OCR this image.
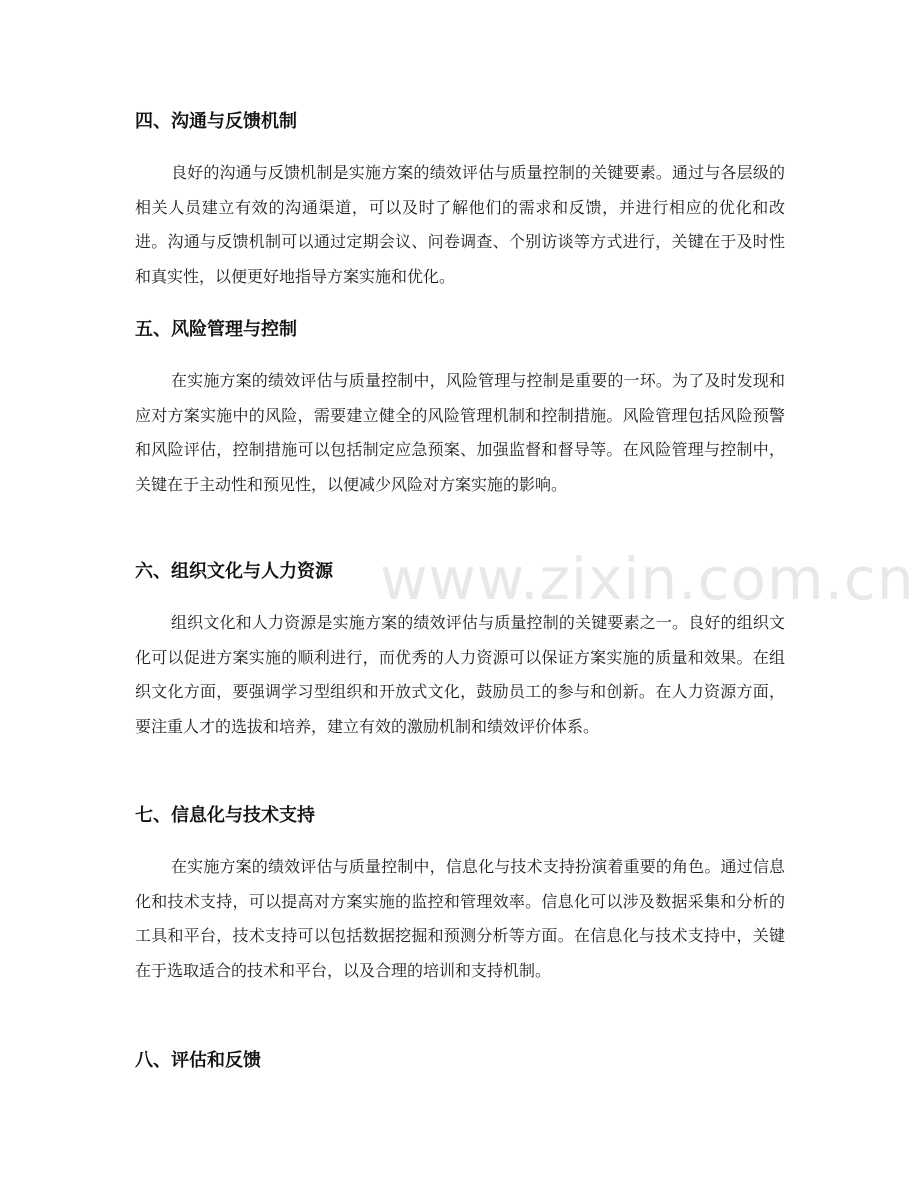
四、沟通与反馈机制

良好的沟通与反馈机制是实施方案的绩效评估与质量控制的关键要素。通过与各层级的相关人员建立有效的沟通渠道，可以及时了解他们的需求和反馈，并进行相应的优化和改进。沟通与反馈机制可以通过定期会议、问卷调查、个别访谈等方式进行，关键在于及时性和真实性，以便更好地指导方案实施和优化。

五、风险管理与控制

在实施方案的绩效评估与质量控制中，风险管理与控制是重要的一环。为了及时发现和应对方案实施中的风险，需要建立健全的风险管理机制和控制措施。风险管理包括风险预警和风险评估，控制措施可以包括制定应急预案、加强监督和督导等。在风险管理与控制中，关键在于主动性和预见性，以便减少风险对方案实施的影响。

六、组织文化与人力资源

组织文化和人力资源是实施方案的绩效评估与质量控制的关键要素之一。良好的组织文化可以促进方案实施的顺利进行，而优秀的人力资源可以保证方案实施的质量和效果。在组织文化方面，要强调学习型组织和开放式文化，鼓励员工的参与和创新。在人力资源方面，要注重人才的选拔和培养，建立有效的激励机制和绩效评价体系。

七、信息化与技术支持

在实施方案的绩效评估与质量控制中，信息化与技术支持扮演着重要的角色。通过信息化和技术支持，可以提高对方案实施的监控和管理效率。信息化可以涉及数据采集和分析的工具和平台，技术支持可以包括数据挖掘和预测分析等方面。在信息化与技术支持中，关键在于选取适合的技术和平台，以及合理的培训和支持机制。

八、评估和反馈
www.zixin.com.cn
